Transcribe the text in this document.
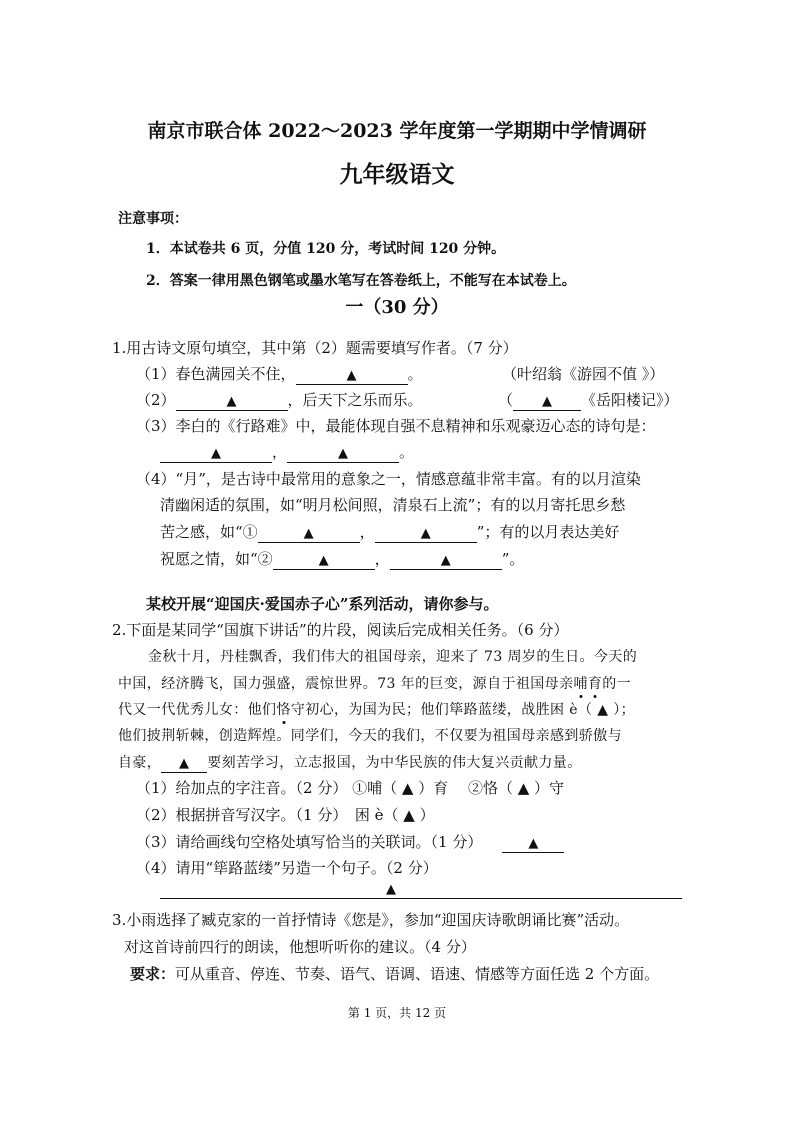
南京市联合体 2022～2023 学年度第一学期期中学情调研
九年级语文
注意事项：
1．本试卷共 6 页，分值 120 分，考试时间 120 分钟。
2．答案一律用黑色钢笔或墨水笔写在答卷纸上，不能写在本试卷上。
一（30 分）
1.用古诗文原句填空，其中第（2）题需要填写作者。（7 分）
（1）春色满园关不住，	▲	。	（叶绍翁《游园不值 》）
（2）	▲	，后天下之乐而乐。	（ ▲ 《岳阳楼记》）
（3）李白的《行路难》中，最能体现自强不息精神和乐观豪迈心态的诗句是：
▲	，	▲	。
（4）“月”，是古诗中最常用的意象之一，情感意蕴非常丰富。有的以月渲染
清幽闲适的氛围，如“明月松间照，清泉石上流”；有的以月寄托思乡愁
苦之感，如“①	▲	，	▲	”；有的以月表达美好
祝愿之情，如“②	▲	，	▲	”。
某校开展“迎国庆·爱国赤子心”系列活动，请你参与。
2.下面是某同学“国旗下讲话”的片段，阅读后完成相关任务。（6 分）
金秋十月，丹桂飘香，我们伟大的祖国母亲，迎来了 73 周岁的生日。今天的
中国，经济腾飞，国力强盛，震惊世界。73 年的巨变，源自于祖国母亲哺育的一
代又一代优秀儿女：他们恪守初心，为国为民；他们筚路蓝缕，战胜困 è（ ▲ ）；
他们披荆斩棘，创造辉煌。同学们，今天的我们，不仅要为祖国母亲感到骄傲与
自豪， ▲ 要刻苦学习，立志报国，为中华民族的伟大复兴贡献力量。
（1）给加点的字注音。（2 分） ①哺（ ▲ ）育　 ②恪（ ▲ ）守
（2）根据拼音写汉字。（1 分）　困 è（ ▲ ）
（3）请给画线句空格处填写恰当的关联词。（1 分）	▲
（4）请用“筚路蓝缕”另造一个句子。（2 分）
▲
3.小雨选择了臧克家的一首抒情诗《您是》，参加“迎国庆诗歌朗诵比赛”活动。
对这首诗前四行的朗读，他想听听你的建议。（4 分）
要求：可从重音、停连、节奏、语气、语调、语速、情感等方面任选 2 个方面。
第 1 页，共 12 页
